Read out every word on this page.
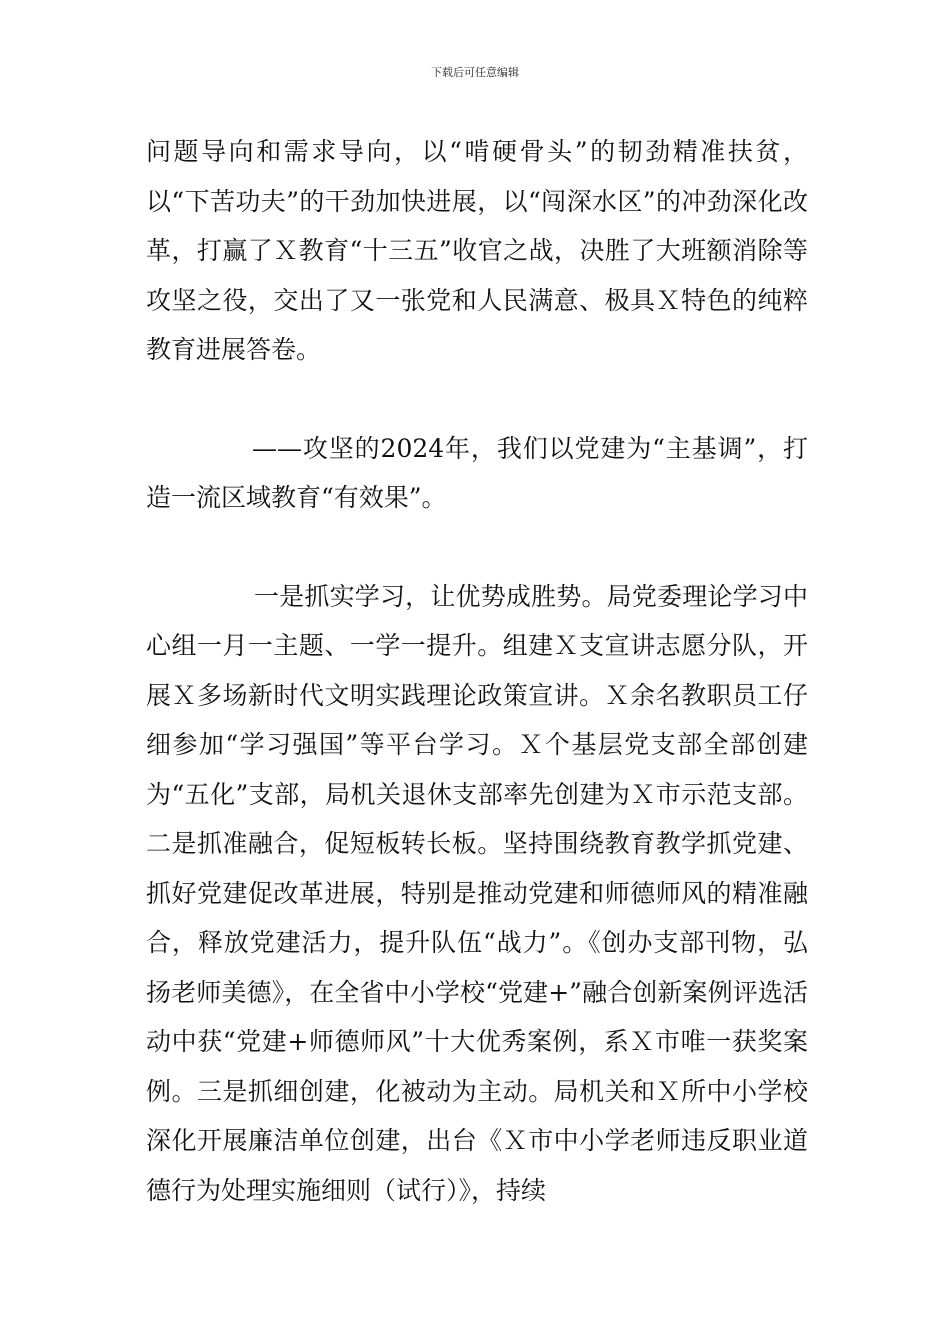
下载后可任意编辑

问题导向和需求导向，以“啃硬骨头”的韧劲精准扶贫，以“下苦功夫”的干劲加快进展，以“闯深水区”的冲劲深化改革，打赢了Ｘ教育“十三五”收官之战，决胜了大班额消除等攻坚之役，交出了又一张党和人民满意、极具Ｘ特色的纯粹教育进展答卷。

——攻坚的2024年，我们以党建为“主基调”，打造一流区域教育“有效果”。

一是抓实学习，让优势成胜势。局党委理论学习中心组一月一主题、一学一提升。组建Ｘ支宣讲志愿分队，开展Ｘ多场新时代文明实践理论政策宣讲。Ｘ余名教职员工仔细参加“学习强国”等平台学习。Ｘ个基层党支部全部创建为“五化”支部，局机关退休支部率先创建为Ｘ市示范支部。二是抓准融合，促短板转长板。坚持围绕教育教学抓党建、抓好党建促改革进展，特别是推动党建和师德师风的精准融合，释放党建活力，提升队伍“战力”。《创办支部刊物，弘扬老师美德》，在全省中小学校“党建+”融合创新案例评选活动中获“党建+师德师风”十大优秀案例，系Ｘ市唯一获奖案例。三是抓细创建，化被动为主动。局机关和Ｘ所中小学校深化开展廉洁单位创建，出台《Ｘ市中小学老师违反职业道德行为处理实施细则（试行）》，持续
